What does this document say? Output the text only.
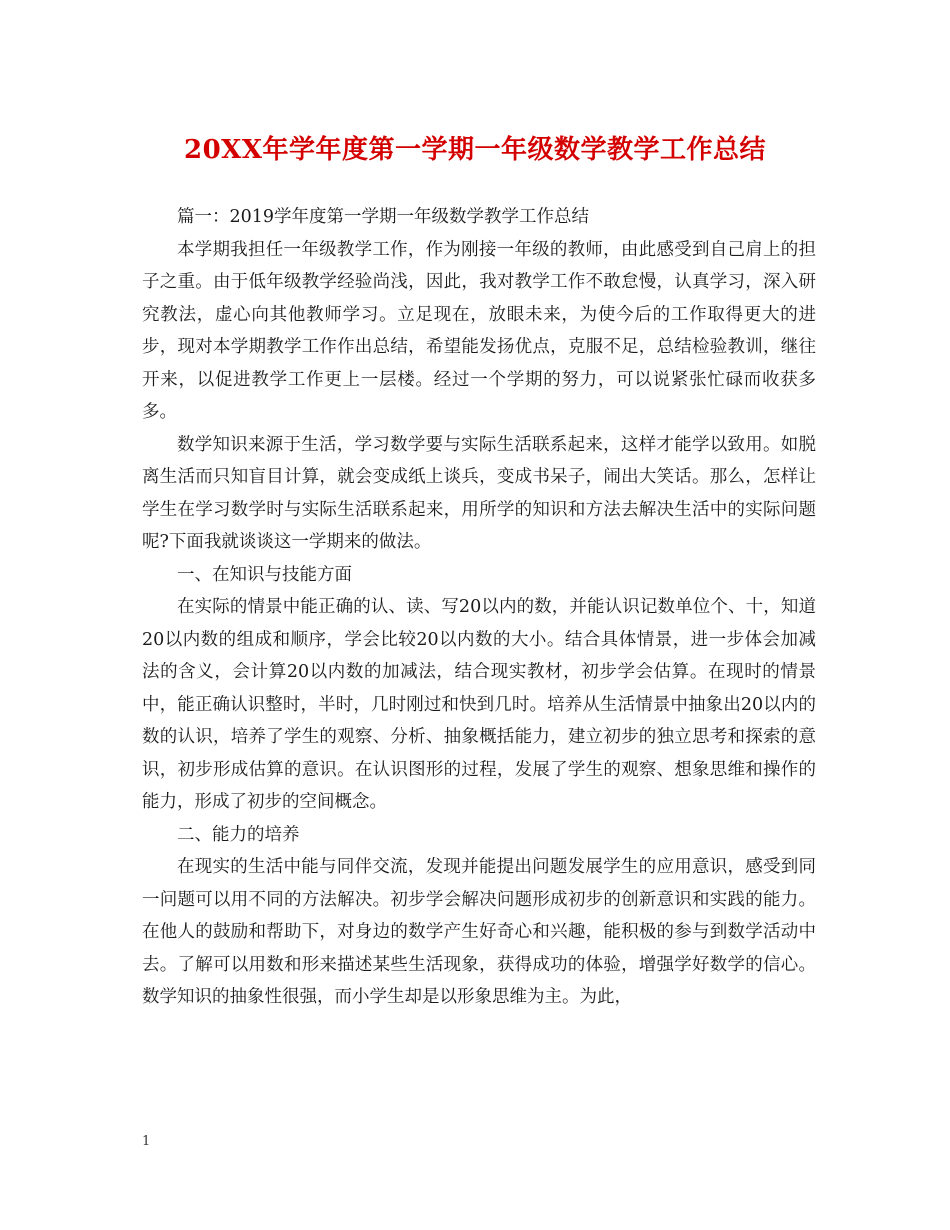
20XX年学年度第一学期一年级数学教学工作总结

篇一：2019学年度第一学期一年级数学教学工作总结

本学期我担任一年级教学工作，作为刚接一年级的教师，由此感受到自己肩上的担子之重。由于低年级教学经验尚浅，因此，我对教学工作不敢怠慢，认真学习，深入研究教法，虚心向其他教师学习。立足现在，放眼未来，为使今后的工作取得更大的进步，现对本学期教学工作作出总结，希望能发扬优点，克服不足，总结检验教训，继往开来，以促进教学工作更上一层楼。经过一个学期的努力，可以说紧张忙碌而收获多多。

数学知识来源于生活，学习数学要与实际生活联系起来，这样才能学以致用。如脱离生活而只知盲目计算，就会变成纸上谈兵，变成书呆子，闹出大笑话。那么，怎样让学生在学习数学时与实际生活联系起来，用所学的知识和方法去解决生活中的实际问题呢?下面我就谈谈这一学期来的做法。

一、在知识与技能方面

在实际的情景中能正确的认、读、写20以内的数，并能认识记数单位个、十，知道20以内数的组成和顺序，学会比较20以内数的大小。结合具体情景，进一步体会加减法的含义，会计算20以内数的加减法，结合现实教材，初步学会估算。在现时的情景中，能正确认识整时，半时，几时刚过和快到几时。培养从生活情景中抽象出20以内的数的认识，培养了学生的观察、分析、抽象概括能力，建立初步的独立思考和探索的意识，初步形成估算的意识。在认识图形的过程，发展了学生的观察、想象思维和操作的能力，形成了初步的空间概念。

二、能力的培养

在现实的生活中能与同伴交流，发现并能提出问题发展学生的应用意识，感受到同一问题可以用不同的方法解决。初步学会解决问题形成初步的创新意识和实践的能力。在他人的鼓励和帮助下，对身边的数学产生好奇心和兴趣，能积极的参与到数学活动中去。了解可以用数和形来描述某些生活现象，获得成功的体验，增强学好数学的信心。数学知识的抽象性很强，而小学生却是以形象思维为主。为此，

1
